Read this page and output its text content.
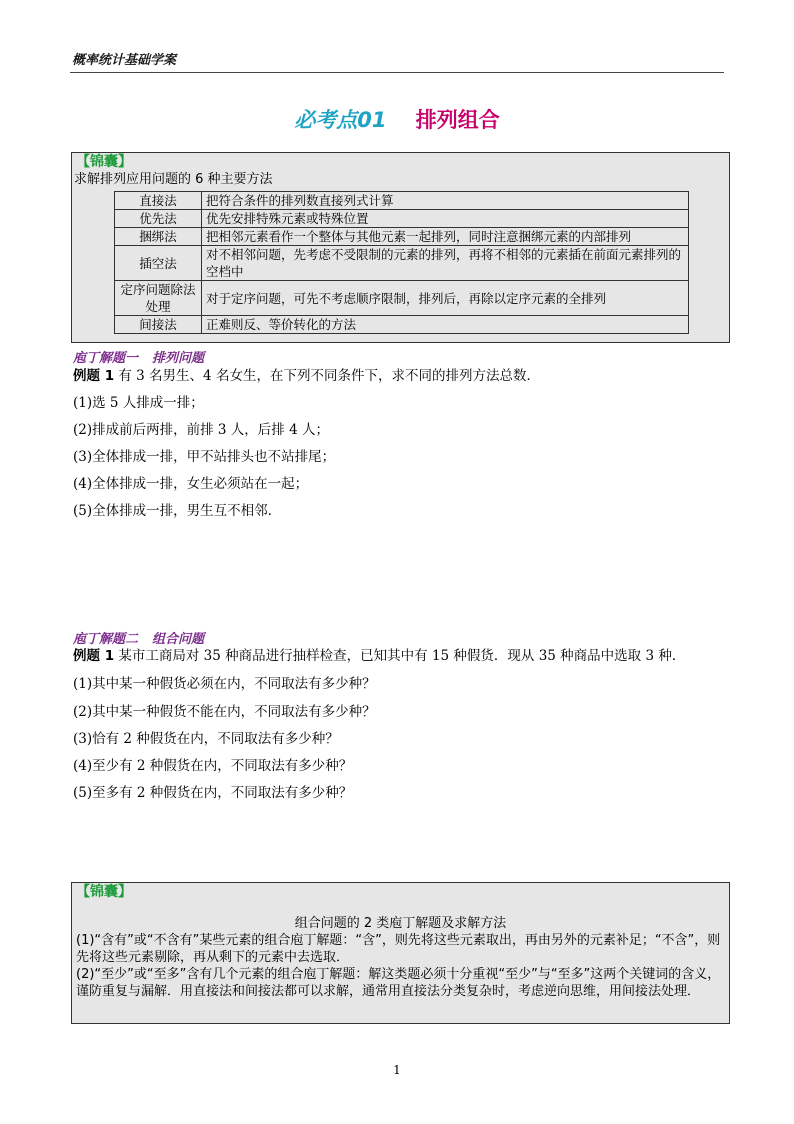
概率统计基础学案
必考点01 排列组合
【锦囊】
求解排列应用问题的 6 种主要方法
直接法	把符合条件的排列数直接列式计算
优先法	优先安排特殊元素或特殊位置
捆绑法	把相邻元素看作一个整体与其他元素一起排列，同时注意捆绑元素的内部排列
插空法	对不相邻问题，先考虑不受限制的元素的排列，再将不相邻的元素插在前面元素排列的空档中
定序问题除法处理	对于定序问题，可先不考虑顺序限制，排列后，再除以定序元素的全排列
间接法	正难则反、等价转化的方法
庖丁解题一 排列问题
例题 1 有 3 名男生、4 名女生，在下列不同条件下，求不同的排列方法总数．
(1)选 5 人排成一排；
(2)排成前后两排，前排 3 人，后排 4 人；
(3)全体排成一排，甲不站排头也不站排尾；
(4)全体排成一排，女生必须站在一起；
(5)全体排成一排，男生互不相邻．
庖丁解题二 组合问题
例题 1 某市工商局对 35 种商品进行抽样检查，已知其中有 15 种假货．现从 35 种商品中选取 3 种．
(1)其中某一种假货必须在内，不同取法有多少种？
(2)其中某一种假货不能在内，不同取法有多少种？
(3)恰有 2 种假货在内，不同取法有多少种？
(4)至少有 2 种假货在内，不同取法有多少种？
(5)至多有 2 种假货在内，不同取法有多少种？
【锦囊】
组合问题的 2 类庖丁解题及求解方法
(1)“含有”或“不含有”某些元素的组合庖丁解题：“含”，则先将这些元素取出，再由另外的元素补足；“不含”，则先将这些元素剔除，再从剩下的元素中去选取．
(2)“至少”或“至多”含有几个元素的组合庖丁解题：解这类题必须十分重视“至少”与“至多”这两个关键词的含义，谨防重复与漏解．用直接法和间接法都可以求解，通常用直接法分类复杂时，考虑逆向思维，用间接法处理．
1
